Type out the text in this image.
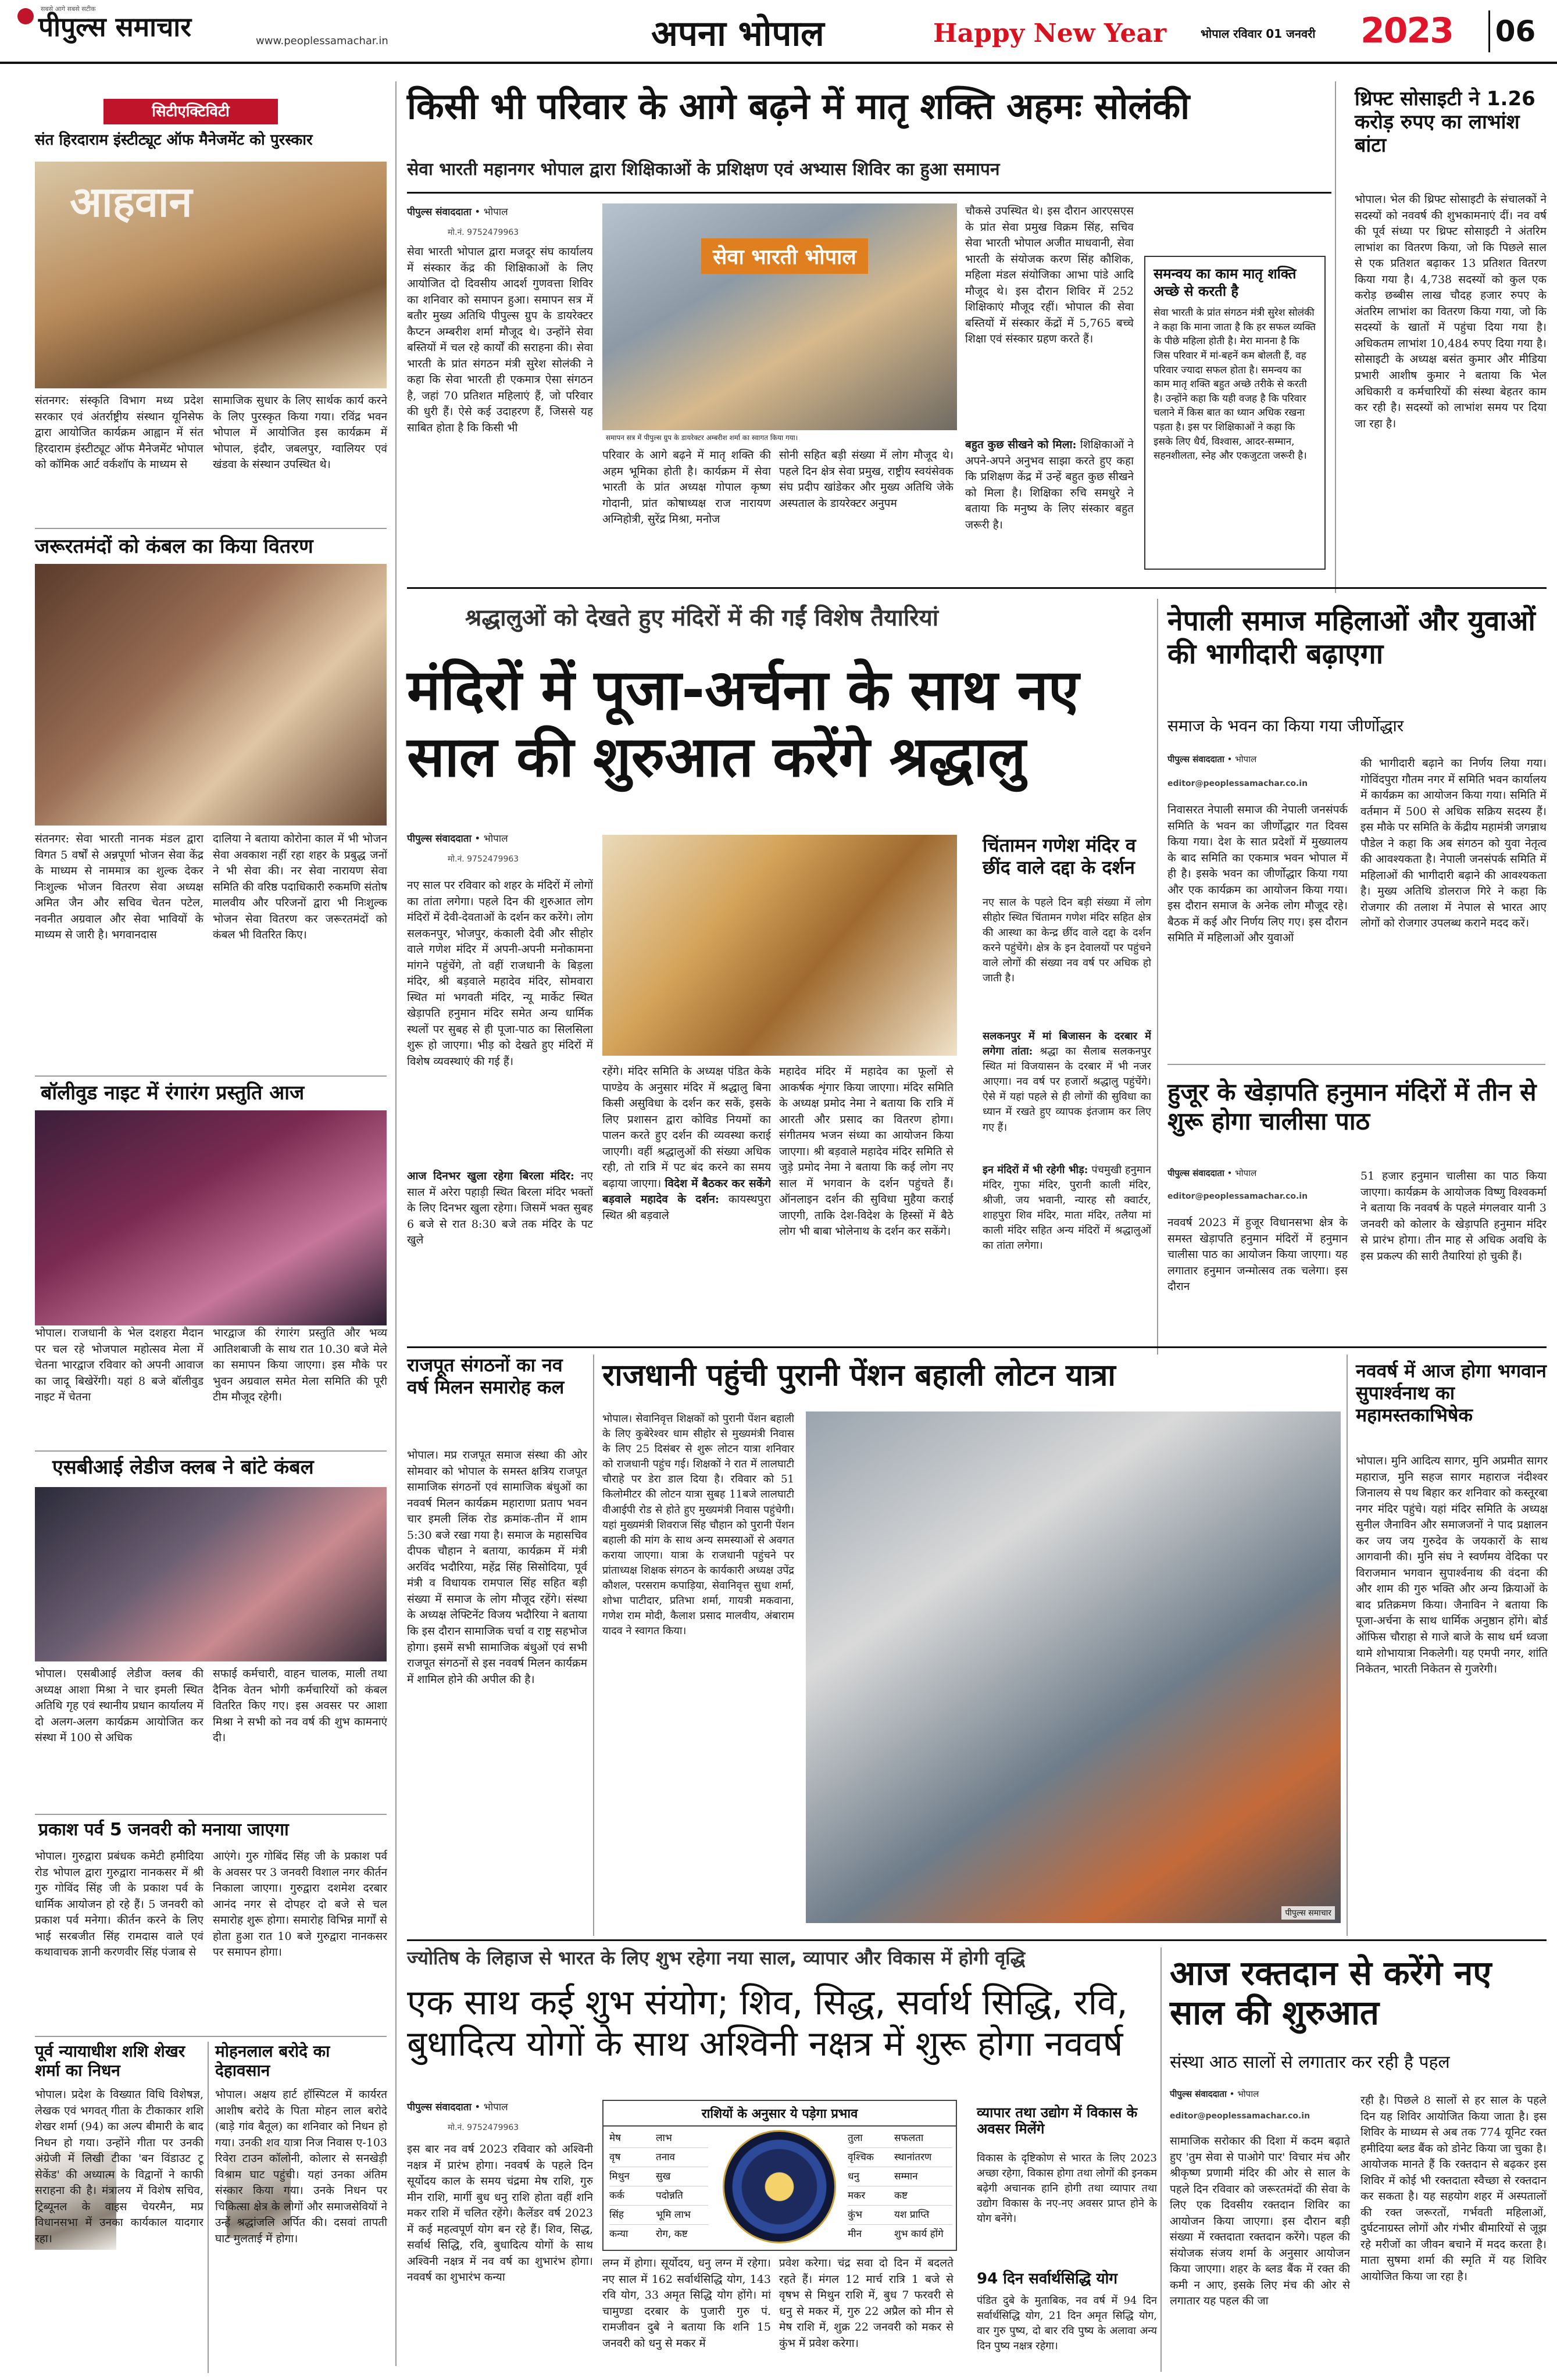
पीपुल्स समाचार
सबसे आगे सबसे सटीक
www.peoplessamachar.in	अपना भोपाल	Happy New Year	भोपाल रविवार 01 जनवरी 2023 06
सिटीएक्टिविटी
संत हिरदाराम इंस्टीट्यूट ऑफ मैनेजमेंट को पुरस्कार
आहवान
संतनगर: संस्कृति विभाग मध्य प्रदेश सरकार एवं अंतर्राष्ट्रीय संस्थान यूनिसेफ द्वारा आयोजित कार्यक्रम आह्वान में संत हिरदाराम इंस्टीट्यूट ऑफ मैनेजमेंट भोपाल को कॉमिक आर्ट वर्कशॉप के माध्यम से
सामाजिक सुधार के लिए सार्थक कार्य करने के लिए पुरस्कृत किया गया। रविंद्र भवन भोपाल में आयोजित इस कार्यक्रम में भोपाल, इंदौर, जबलपुर, ग्वालियर एवं खंडवा के संस्थान उपस्थित थे।
जरूरतमंदों को कंबल का किया वितरण
संतनगर: सेवा भारती नानक मंडल द्वारा विगत 5 वर्षों से अन्नपूर्णा भोजन सेवा केंद्र के माध्यम से नाममात्र का शुल्क देकर निःशुल्क भोजन वितरण सेवा अध्यक्ष अमित जैन और सचिव चेतन पटेल, नवनीत अग्रवाल और सेवा भावियों के माध्यम से जारी है। भगवानदास
दालिया ने बताया कोरोना काल में भी भोजन सेवा अवकाश नहीं रहा शहर के प्रबुद्ध जनों ने भी सेवा की। नर सेवा नारायण सेवा समिति की वरिष्ठ पदाधिकारी रुकमणि संतोष मालवीय और परिजनों द्वारा भी निःशुल्क भोजन सेवा वितरण कर जरूरतमंदों को कंबल भी वितरित किए।
बॉलीवुड नाइट में रंगारंग प्रस्तुति आज
भोपाल। राजधानी के भेल दशहरा मैदान पर चल रहे भोजपाल महोत्सव मेला में चेतना भारद्वाज रविवार को अपनी आवाज का जादू बिखेरेंगी। यहां 8 बजे बॉलीवुड नाइट में चेतना
भारद्वाज की रंगारंग प्रस्तुति और भव्य आतिशबाजी के साथ रात 10.30 बजे मेले का समापन किया जाएगा। इस मौके पर भुवन अग्रवाल समेत मेला समिति की पूरी टीम मौजूद रहेगी।
एसबीआई लेडीज क्लब ने बांटे कंबल
भोपाल। एसबीआई लेडीज क्लब की अध्यक्ष आशा मिश्रा ने चार इमली स्थित अतिथि गृह एवं स्थानीय प्रधान कार्यालय में दो अलग-अलग कार्यक्रम आयोजित कर संस्था में 100 से अधिक
सफाई कर्मचारी, वाहन चालक, माली तथा दैनिक वेतन भोगी कर्मचारियों को कंबल वितरित किए गए। इस अवसर पर आशा मिश्रा ने सभी को नव वर्ष की शुभ कामनाएं दी।
प्रकाश पर्व 5 जनवरी को मनाया जाएगा
भोपाल। गुरुद्वारा प्रबंधक कमेटी हमीदिया रोड भोपाल द्वारा गुरुद्वारा नानकसर में श्री गुरु गोविंद सिंह जी के प्रकाश पर्व के धार्मिक आयोजन हो रहे हैं। 5 जनवरी को प्रकाश पर्व मनेगा। कीर्तन करने के लिए भाई सरबजीत सिंह रामदास वाले एवं कथावाचक ज्ञानी करणवीर सिंह पंजाब से
आएंगे। गुरु गोबिंद सिंह जी के प्रकाश पर्व के अवसर पर 3 जनवरी विशाल नगर कीर्तन निकाला जाएगा। गुरुद्वारा दशमेश दरबार आनंद नगर से दोपहर दो बजे से चल समारोह शुरू होगा। समारोह विभिन्न मार्गों से होता हुआ रात 10 बजे गुरुद्वारा नानकसर पर समापन होगा।
पूर्व न्यायाधीश शशि शेखर शर्मा का निधन
भोपाल। प्रदेश के विख्यात विधि विशेषज्ञ, लेखक एवं भगवत् गीता के टीकाकार शशि शेखर शर्मा (94) का अल्प बीमारी के बाद निधन हो गया। उन्होंने गीता पर उनकी अंग्रेजी में लिखी टीका 'बन विंडाउट टू सेकेंड' की अध्यात्म के विद्वानों ने काफी सराहना की है। मंत्रालय में विशेष सचिव, ट्रिब्यूनल के वाइस चेयरमैन, मप्र विधानसभा में उनका कार्यकाल यादगार रहा।
मोहनलाल बरोदे का देहावसान
भोपाल। अक्षय हार्ट हॉस्पिटल में कार्यरत आशीष बरोदे के पिता मोहन लाल बरोदे (बाड़े गांव बैतूल) का शनिवार को निधन हो गया। उनकी शव यात्रा निज निवास ए-103 रिवेरा टाउन कॉलोनी, कोलार से सनखेड़ी विश्राम घाट पहुंची। यहां उनका अंतिम संस्कार किया गया। उनके निधन पर चिकित्सा क्षेत्र के लोगों और समाजसेवियों ने उन्हें श्रद्धांजलि अर्पित की। दसवां तापती घाट मुलताई में होगा।
किसी भी परिवार के आगे बढ़ने में मातृ शक्ति अहमः सोलंकी
सेवा भारती महानगर भोपाल द्वारा शिक्षिकाओं के प्रशिक्षण एवं अभ्यास शिविर का हुआ समापन
पीपुल्स संवाददाता • भोपाल
मो.नं. 9752479963
सेवा भारती भोपाल द्वारा मजदूर संघ कार्यालय में संस्कार केंद्र की शिक्षिकाओं के लिए आयोजित दो दिवसीय आदर्श गुणवत्ता शिविर का शनिवार को समापन हुआ। समापन सत्र में बतौर मुख्य अतिथि पीपुल्स ग्रुप के डायरेक्टर कैप्टन अम्बरीश शर्मा मौजूद थे। उन्होंने सेवा बस्तियों में चल रहे कार्यों की सराहना की। सेवा भारती के प्रांत संगठन मंत्री सुरेश सोलंकी ने कहा कि सेवा भारती ही एकमात्र ऐसा संगठन है, जहां 70 प्रतिशत महिलाएं हैं, जो परिवार की धुरी हैं। ऐसे कई उदाहरण हैं, जिससे यह साबित होता है कि किसी भी
सेवा भारती भोपाल
समापन सत्र में पीपुल्स ग्रुप के डायरेक्टर अम्बरीश शर्मा का स्वागत किया गया।
परिवार के आगे बढ़ने में मातृ शक्ति की अहम भूमिका होती है। कार्यक्रम में सेवा भारती के प्रांत अध्यक्ष गोपाल कृष्ण गोदानी, प्रांत कोषाध्यक्ष राज नारायण अग्निहोत्री, सुरेंद्र मिश्रा, मनोज
सोनी सहित बड़ी संख्या में लोग मौजूद थे। पहले दिन क्षेत्र सेवा प्रमुख, राष्ट्रीय स्वयंसेवक संघ प्रदीप खांडेकर और मुख्य अतिथि जेके अस्पताल के डायरेक्टर अनुपम
चौकसे उपस्थित थे। इस दौरान आरएसएस के प्रांत सेवा प्रमुख विक्रम सिंह, सचिव सेवा भारती भोपाल अजीत माधवानी, सेवा भारती के संयोजक करण सिंह कौशिक, महिला मंडल संयोजिका आभा पांडे आदि मौजूद थे। इस दौरान शिविर में 252 शिक्षिकाएं मौजूद रहीं। भोपाल की सेवा बस्तियों में संस्कार केंद्रों में 5,765 बच्चे शिक्षा एवं संस्कार ग्रहण करते हैं।
बहुत कुछ सीखने को मिला: शिक्षिकाओं ने अपने-अपने अनुभव साझा करते हुए कहा कि प्रशिक्षण केंद्र में उन्हें बहुत कुछ सीखने को मिला है। शिक्षिका रुचि समधुरे ने बताया कि मनुष्य के लिए संस्कार बहुत जरूरी है।
समन्वय का काम मातृ शक्ति अच्छे से करती है
सेवा भारती के प्रांत संगठन मंत्री सुरेश सोलंकी ने कहा कि माना जाता है कि हर सफल व्यक्ति के पीछे महिला होती है। मेरा मानना है कि जिस परिवार में मां-बहनें कम बोलती हैं, वह परिवार ज्यादा सफल होता है। समन्वय का काम मातृ शक्ति बहुत अच्छे तरीके से करती है। उन्होंने कहा कि यही वजह है कि परिवार चलाने में किस बात का ध्यान अधिक रखना पड़ता है। इस पर शिक्षिकाओं ने कहा कि इसके लिए धैर्य, विश्वास, आदर-सम्मान, सहनशीलता, स्नेह और एकजुटता जरूरी है।
थ्रिफ्ट सोसाइटी ने 1.26 करोड़ रुपए का लाभांश बांटा
भोपाल। भेल की थ्रिफ्ट सोसाइटी के संचालकों ने सदस्यों को नववर्ष की शुभकामनाएं दीं। नव वर्ष की पूर्व संध्या पर थ्रिफ्ट सोसाइटी ने अंतरिम लाभांश का वितरण किया, जो कि पिछले साल से एक प्रतिशत बढ़ाकर 13 प्रतिशत वितरण किया गया है। 4,738 सदस्यों को कुल एक करोड़ छब्बीस लाख चौदह हजार रुपए के अंतरिम लाभांश का वितरण किया गया, जो कि सदस्यों के खातों में पहुंचा दिया गया है। अधिकतम लाभांश 10,484 रुपए दिया गया है। सोसाइटी के अध्यक्ष बसंत कुमार और मीडिया प्रभारी आशीष कुमार ने बताया कि भेल अधिकारी व कर्मचारियों की संस्था बेहतर काम कर रही है। सदस्यों को लाभांश समय पर दिया जा रहा है।
श्रद्धालुओं को देखते हुए मंदिरों में की गईं विशेष तैयारियां
मंदिरों में पूजा-अर्चना के साथ नए साल की शुरुआत करेंगे श्रद्धालु
पीपुल्स संवाददाता • भोपाल
मो.नं. 9752479963
नए साल पर रविवार को शहर के मंदिरों में लोगों का तांता लगेगा। पहले दिन की शुरुआत लोग मंदिरों में देवी-देवताओं के दर्शन कर करेंगे। लोग सलकनपुर, भोजपुर, कंकाली देवी और सीहोर वाले गणेश मंदिर में अपनी-अपनी मनोकामना मांगने पहुंचेंगे, तो वहीं राजधानी के बिड़ला मंदिर, श्री बड़वाले महादेव मंदिर, सोमवारा स्थित मां भगवती मंदिर, न्यू मार्केट स्थित खेड़ापति हनुमान मंदिर समेत अन्य धार्मिक स्थलों पर सुबह से ही पूजा-पाठ का सिलसिला शुरू हो जाएगा। भीड़ को देखते हुए मंदिरों में विशेष व्यवस्थाएं की गई हैं।
आज दिनभर खुला रहेगा बिरला मंदिर: नए साल में अरेरा पहाड़ी स्थित बिरला मंदिर भक्तों के लिए दिनभर खुला रहेगा। जिसमें भक्त सुबह 6 बजे से रात 8:30 बजे तक मंदिर के पट खुले
रहेंगे। मंदिर समिति के अध्यक्ष पंडित केके पाण्डेय के अनुसार मंदिर में श्रद्धालु बिना किसी असुविधा के दर्शन कर सकें, इसके लिए प्रशासन द्वारा कोविड नियमों का पालन करते हुए दर्शन की व्यवस्था कराई जाएगी। वहीं श्रद्धालुओं की संख्या अधिक रही, तो रात्रि में पट बंद करने का समय बढ़ाया जाएगा। विदेश में बैठकर कर सकेंगे बड़वाले महादेव के दर्शन: कायस्थपुरा स्थित श्री बड़वाले
महादेव मंदिर में महादेव का फूलों से आकर्षक शृंगार किया जाएगा। मंदिर समिति के अध्यक्ष प्रमोद नेमा ने बताया कि रात्रि में आरती और प्रसाद का वितरण होगा। संगीतमय भजन संध्या का आयोजन किया जाएगा। श्री बड़वाले महादेव मंदिर समिति से जुड़े प्रमोद नेमा ने बताया कि कई लोग नए साल में भगवान के दर्शन पहुंचते हैं। ऑनलाइन दर्शन की सुविधा मुहैया कराई जाएगी, ताकि देश-विदेश के हिस्सों में बैठे लोग भी बाबा भोलेनाथ के दर्शन कर सकेंगे।
चिंतामन गणेश मंदिर व छींद वाले दद्दा के दर्शन
नए साल के पहले दिन बड़ी संख्या में लोग सीहोर स्थित चिंतामन गणेश मंदिर सहित क्षेत्र की आस्था का केन्द्र छींद वाले दद्दा के दर्शन करने पहुंचेंगे। क्षेत्र के इन देवालयों पर पहुंचने वाले लोगों की संख्या नव वर्ष पर अधिक हो जाती है।
सलकनपुर में मां बिजासन के दरबार में लगेगा तांता: श्रद्धा का सैलाब सलकनपुर स्थित मां विजयासन के दरबार में भी नजर आएगा। नव वर्ष पर हजारों श्रद्धालु पहुंचेंगे। ऐसे में यहां पहले से ही लोगों की सुविधा का ध्यान में रखते हुए व्यापक इंतजाम कर लिए गए हैं।
इन मंदिरों में भी रहेगी भीड़: पंचमुखी हनुमान मंदिर, गुफा मंदिर, पुरानी काली मंदिर, श्रीजी, जय भवानी, न्यारह सौ क्वार्टर, शाहपुरा शिव मंदिर, माता मंदिर, तलैया मां काली मंदिर सहित अन्य मंदिरों में श्रद्धालुओं का तांता लगेगा।
नेपाली समाज महिलाओं और युवाओं की भागीदारी बढ़ाएगा
समाज के भवन का किया गया जीर्णोद्धार
पीपुल्स संवाददाता • भोपाल
editor@peoplessamachar.co.in
निवासरत नेपाली समाज की नेपाली जनसंपर्क समिति के भवन का जीर्णोद्धार गत दिवस किया गया। देश के सात प्रदेशों में मुख्यालय के बाद समिति का एकमात्र भवन भोपाल में ही है। इसके भवन का जीर्णोद्धार किया गया और एक कार्यक्रम का आयोजन किया गया। इस दौरान समाज के अनेक लोग मौजूद रहे। बैठक में कई और निर्णय लिए गए। इस दौरान समिति में महिलाओं और युवाओं
की भागीदारी बढ़ाने का निर्णय लिया गया। गोविंदपुरा गौतम नगर में समिति भवन कार्यालय में कार्यक्रम का आयोजन किया गया। समिति में वर्तमान में 500 से अधिक सक्रिय सदस्य हैं। इस मौके पर समिति के केंद्रीय महामंत्री जगन्नाथ पौडेल ने कहा कि अब संगठन को युवा नेतृत्व की आवश्यकता है। नेपाली जनसंपर्क समिति में महिलाओं की भागीदारी बढ़ाने की आवश्यकता है। मुख्य अतिथि डोलराज गिरे ने कहा कि रोजगार की तलाश में नेपाल से भारत आए लोगों को रोजगार उपलब्ध कराने मदद करें।
हुजूर के खेड़ापति हनुमान मंदिरों में तीन से शुरू होगा चालीसा पाठ
पीपुल्स संवाददाता • भोपाल
editor@peoplessamachar.co.in
नववर्ष 2023 में हुजूर विधानसभा क्षेत्र के समस्त खेड़ापति हनुमान मंदिरों में हनुमान चालीसा पाठ का आयोजन किया जाएगा। यह लगातार हनुमान जन्मोत्सव तक चलेगा। इस दौरान
51 हजार हनुमान चालीसा का पाठ किया जाएगा। कार्यक्रम के आयोजक विष्णु विश्वकर्मा ने बताया कि नववर्ष के पहले मंगलवार यानी 3 जनवरी को कोलार के खेड़ापति हनुमान मंदिर से प्रारंभ होगा। तीन माह से अधिक अवधि के इस प्रकल्प की सारी तैयारियां हो चुकी हैं।
राजपूत संगठनों का नव वर्ष मिलन समारोह कल
भोपाल। मप्र राजपूत समाज संस्था की ओर सोमवार को भोपाल के समस्त क्षत्रिय राजपूत सामाजिक संगठनों एवं सामाजिक बंधुओं का नववर्ष मिलन कार्यक्रम महाराणा प्रताप भवन चार इमली लिंक रोड क्रमांक-तीन में शाम 5:30 बजे रखा गया है। समाज के महासचिव दीपक चौहान ने बताया, कार्यक्रम में मंत्री अरविंद भदौरिया, महेंद्र सिंह सिसोदिया, पूर्व मंत्री व विधायक रामपाल सिंह सहित बड़ी संख्या में समाज के लोग मौजूद रहेंगे। संस्था के अध्यक्ष लेफ्टिनेंट विजय भदौरिया ने बताया कि इस दौरान सामाजिक चर्चा व राष्ट्र सहभोज होगा। इसमें सभी सामाजिक बंधुओं एवं सभी राजपूत संगठनों से इस नववर्ष मिलन कार्यक्रम में शामिल होने की अपील की है।
राजधानी पहुंची पुरानी पेंशन बहाली लोटन यात्रा
भोपाल। सेवानिवृत्त शिक्षकों को पुरानी पेंशन बहाली के लिए कुबेरेश्वर धाम सीहोर से मुख्यमंत्री निवास के लिए 25 दिसंबर से शुरू लोटन यात्रा शनिवार को राजधानी पहुंच गई। शिक्षकों ने रात में लालघाटी चौराहे पर डेरा डाल दिया है। रविवार को 51 किलोमीटर की लोटन यात्रा सुबह 11बजे लालघाटी वीआईपी रोड से होते हुए मुख्यमंत्री निवास पहुंचेगी। यहां मुख्यमंत्री शिवराज सिंह चौहान को पुरानी पेंशन बहाली की मांग के साथ अन्य समस्याओं से अवगत कराया जाएगा। यात्रा के राजधानी पहुंचने पर प्रांताध्यक्ष शिक्षक संगठन के कार्यकारी अध्यक्ष उपेंद्र कौशल, परसराम कपाड़िया, सेवानिवृत्त सुधा शर्मा, शोभा पाटीदार, प्रतिभा शर्मा, गायत्री मकवाना, गणेश राम मोदी, कैलाश प्रसाद मालवीय, अंबाराम यादव ने स्वागत किया।
पीपुल्स समाचार
नववर्ष में आज होगा भगवान सुपार्श्वनाथ का महामस्तकाभिषेक
भोपाल। मुनि आदित्य सागर, मुनि अप्रमीत सागर महाराज, मुनि सहज सागर महाराज नंदीश्वर जिनालय से पथ बिहार कर शनिवार को कस्तूरबा नगर मंदिर पहुंचे। यहां मंदिर समिति के अध्यक्ष सुनील जैनाविन और समाजजनों ने पाद प्रक्षालन कर जय जय गुरुदेव के जयकारों के साथ आगवानी की। मुनि संघ ने स्वर्णमय वेदिका पर विराजमान भगवान सुपार्श्वनाथ की वंदना की और शाम की गुरु भक्ति और अन्य क्रियाओं के बाद प्रतिक्रमण किया। जैनाविन ने बताया कि पूजा-अर्चना के साथ धार्मिक अनुष्ठान होंगे। बोर्ड ऑफिस चौराहा से गाजे बाजे के साथ धर्म ध्वजा थामे शोभायात्रा निकलेगी। यह एमपी नगर, शांति निकेतन, भारती निकेतन से गुजरेगी।
ज्योतिष के लिहाज से भारत के लिए शुभ रहेगा नया साल, व्यापार और विकास में होगी वृद्धि
एक साथ कई शुभ संयोग; शिव, सिद्ध, सर्वार्थ सिद्धि, रवि, बुधादित्य योगों के साथ अश्विनी नक्षत्र में शुरू होगा नववर्ष
पीपुल्स संवाददाता • भोपाल
मो.नं. 9752479963
इस बार नव वर्ष 2023 रविवार को अश्विनी नक्षत्र में प्रारंभ होगा। नववर्ष के पहले दिन सूर्योदय काल के समय चंद्रमा मेष राशि, गुरु मीन राशि, मार्गी बुध धनु राशि होता वहीं शनि मकर राशि में चलित रहेंगे। कैलेंडर वर्ष 2023 में कई महत्वपूर्ण योग बन रहे हैं। शिव, सिद्ध, सर्वार्थ सिद्धि, रवि, बुधादित्य योगों के साथ अश्विनी नक्षत्र में नव वर्ष का शुभारंभ होगा। नववर्ष का शुभारंभ कन्या
राशियों के अनुसार ये पड़ेगा प्रभाव
मेष	लाभ
वृष	तनाव
मिथुन	सुख
कर्क	पदोन्नति
सिंह	भूमि लाभ
कन्या	रोग, कष्ट
तुला	सफलता
वृश्चिक	स्थानांतरण
धनु	सम्मान
मकर	कष्ट
कुंभ	यश प्राप्ति
मीन	शुभ कार्य होंगे
लग्न में होगा। सूर्योदय, धनु लग्न में रहेगा। नए साल में 162 सर्वार्थसिद्धि योग, 143 रवि योग, 33 अमृत सिद्धि योग होंगे। मां चामुण्डा दरबार के पुजारी गुरु पं. रामजीवन दुबे ने बताया कि शनि 15 जनवरी को धनु से मकर में
प्रवेश करेगा। चंद्र सवा दो दिन में बदलते रहते हैं। मंगल 12 मार्च रात्रि 1 बजे से वृषभ से मिथुन राशि में, बुध 7 फरवरी से धनु से मकर में, गुरु 22 अप्रैल को मीन से मेष राशि में, शुक्र 22 जनवरी को मकर से कुंभ में प्रवेश करेगा।
व्यापार तथा उद्योग में विकास के अवसर मिलेंगे
विकास के दृष्टिकोण से भारत के लिए 2023 अच्छा रहेगा, विकास होगा तथा लोगों की इनकम बढ़ेगी अचानक हानि होगी तथा व्यापार तथा उद्योग विकास के नए-नए अवसर प्राप्त होने के योग बनेंगे।
94 दिन सर्वार्थसिद्धि योग
पंडित दुबे के मुताबिक, नव वर्ष में 94 दिन सर्वार्थसिद्धि योग, 21 दिन अमृत सिद्धि योग, वार गुरु पुष्य, दो बार रवि पुष्य के अलावा अन्य दिन पुष्य नक्षत्र रहेगा।
आज रक्तदान से करेंगे नए साल की शुरुआत
संस्था आठ सालों से लगातार कर रही है पहल
पीपुल्स संवाददाता • भोपाल
editor@peoplessamachar.co.in
सामाजिक सरोकार की दिशा में कदम बढ़ाते हुए 'तुम सेवा से पाओगे पार' विचार मंच और श्रीकृष्ण प्रणामी मंदिर की ओर से साल के पहले दिन रविवार को जरूरतमंदों की सेवा के लिए एक दिवसीय रक्तदान शिविर का आयोजन किया जाएगा। इस दौरान बड़ी संख्या में रक्तदाता रक्तदान करेंगे। पहल की संयोजक संजय शर्मा के अनुसार आयोजन किया जाएगा। शहर के ब्लड बैंक में रक्त की कमी न आए, इसके लिए मंच की ओर से लगातार यह पहल की जा
रही है। पिछले 8 सालों से हर साल के पहले दिन यह शिविर आयोजित किया जाता है। इस शिविर के माध्यम से अब तक 774 यूनिट रक्त हमीदिया ब्लड बैंक को डोनेट किया जा चुका है। आयोजक मानते हैं कि रक्तदान से बढ़कर इस शिविर में कोई भी रक्तदाता स्वैच्छा से रक्तदान कर सकता है। यह सहयोग शहर में अस्पतालों की रक्त जरूरतों, गर्भवती महिलाओं, दुर्घटनाग्रस्त लोगों और गंभीर बीमारियों से जूझ रहे मरीजों का जीवन बचाने में मदद करता है। माता सुषमा शर्मा की स्मृति में यह शिविर आयोजित किया जा रहा है।
